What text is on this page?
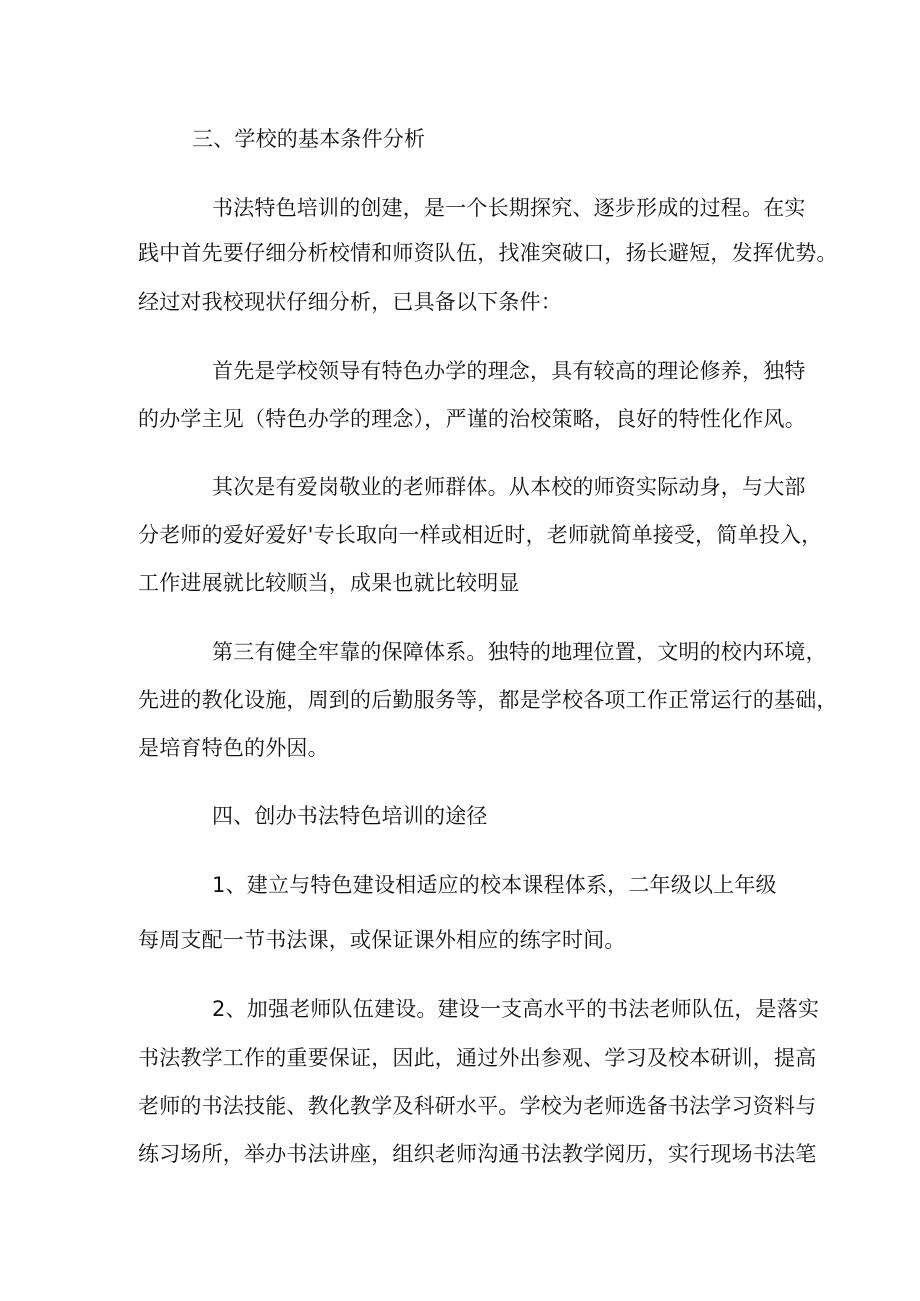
三、学校的基本条件分析
书法特色培训的创建，是一个长期探究、逐步形成的过程。在实
践中首先要仔细分析校情和师资队伍，找准突破口，扬长避短，发挥优势。
经过对我校现状仔细分析，已具备以下条件：
首先是学校领导有特色办学的理念，具有较高的理论修养，独特
的办学主见（特色办学的理念），严谨的治校策略，良好的特性化作风。
其次是有爱岗敬业的老师群体。从本校的师资实际动身，与大部
分老师的爱好爱好'专长取向一样或相近时，老师就简单接受，简单投入，
工作进展就比较顺当，成果也就比较明显
第三有健全牢靠的保障体系。独特的地理位置，文明的校内环境，
先进的教化设施，周到的后勤服务等，都是学校各项工作正常运行的基础，
是培育特色的外因。
四、创办书法特色培训的途径
1、建立与特色建设相适应的校本课程体系，二年级以上年级
每周支配一节书法课，或保证课外相应的练字时间。
2、加强老师队伍建设。建设一支高水平的书法老师队伍，是落实
书法教学工作的重要保证，因此，通过外出参观、学习及校本研训，提高
老师的书法技能、教化教学及科研水平。学校为老师选备书法学习资料与
练习场所，举办书法讲座，组织老师沟通书法教学阅历，实行现场书法笔
